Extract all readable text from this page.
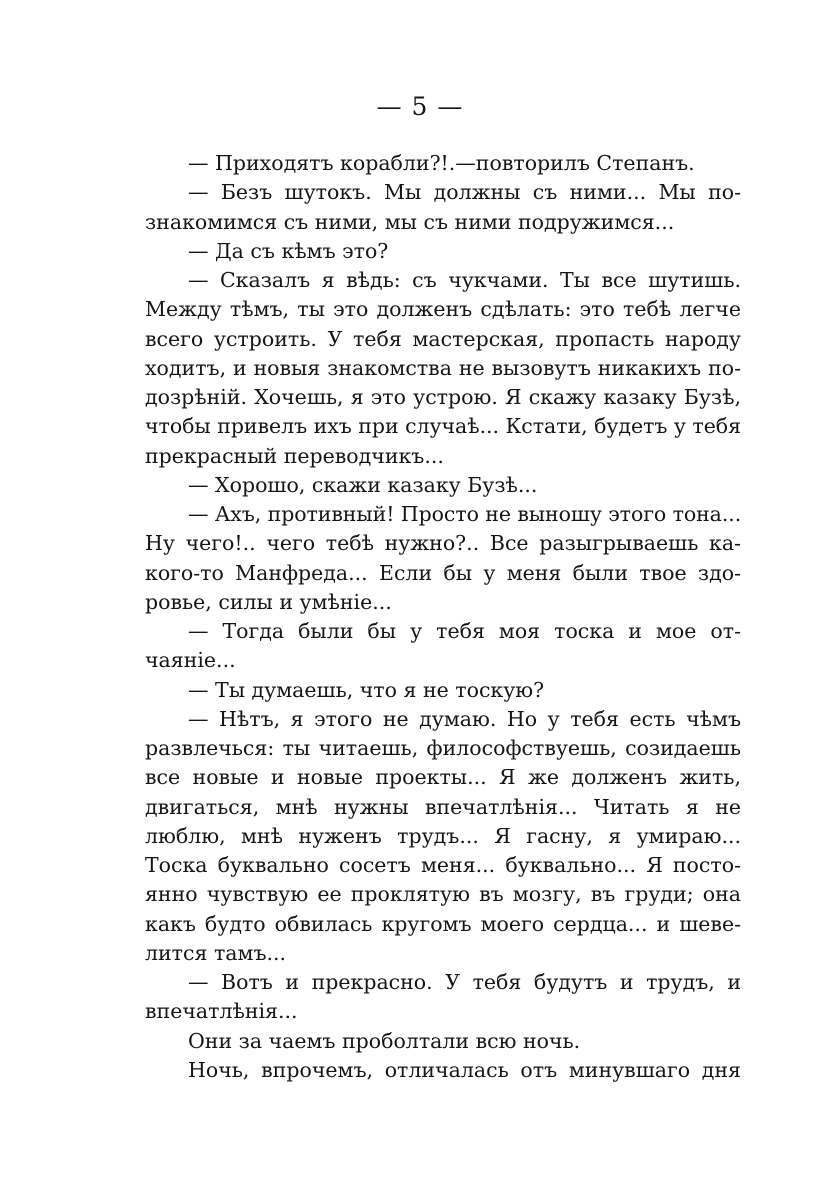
— 5 —
— Приходятъ корабли?!.—повторилъ Степанъ.
— Безъ шутокъ. Мы должны съ ними... Мы по-
знакомимся съ ними, мы съ ними подружимся...
— Да съ кѣмъ это?
— Сказалъ я вѣдь: съ чукчами. Ты все шутишь.
Между тѣмъ, ты это долженъ сдѣлать: это тебѣ легче
всего устроить. У тебя мастерская, пропасть народу
ходитъ, и новыя знакомства не вызовутъ никакихъ по-
дозрѣній. Хочешь, я это устрою. Я скажу казаку Бузѣ,
чтобы привелъ ихъ при случаѣ... Кстати, будетъ у тебя
прекрасный переводчикъ...
— Хорошо, скажи казаку Бузѣ...
— Ахъ, противный! Просто не выношу этого тона...
Ну чего!.. чего тебѣ нужно?.. Все разыгрываешь ка-
кого-то Манфреда... Если бы у меня были твое здо-
ровье, силы и умѣніе...
— Тогда были бы у тебя моя тоска и мое от-
чаяніе...
— Ты думаешь, что я не тоскую?
— Нѣтъ, я этого не думаю. Но у тебя есть чѣмъ
развлечься: ты читаешь, философствуешь, созидаешь
все новые и новые проекты... Я же долженъ жить,
двигаться, мнѣ нужны впечатлѣнія... Читать я не
люблю, мнѣ нуженъ трудъ... Я гасну, я умираю...
Тоска буквально сосетъ меня... буквально... Я посто-
янно чувствую ее проклятую въ мозгу, въ груди; она
какъ будто обвилась кругомъ моего сердца... и шеве-
лится тамъ...
— Вотъ и прекрасно. У тебя будутъ и трудъ, и
впечатлѣнія...
Они за чаемъ проболтали всю ночь.
Ночь, впрочемъ, отличалась отъ минувшаго дня
